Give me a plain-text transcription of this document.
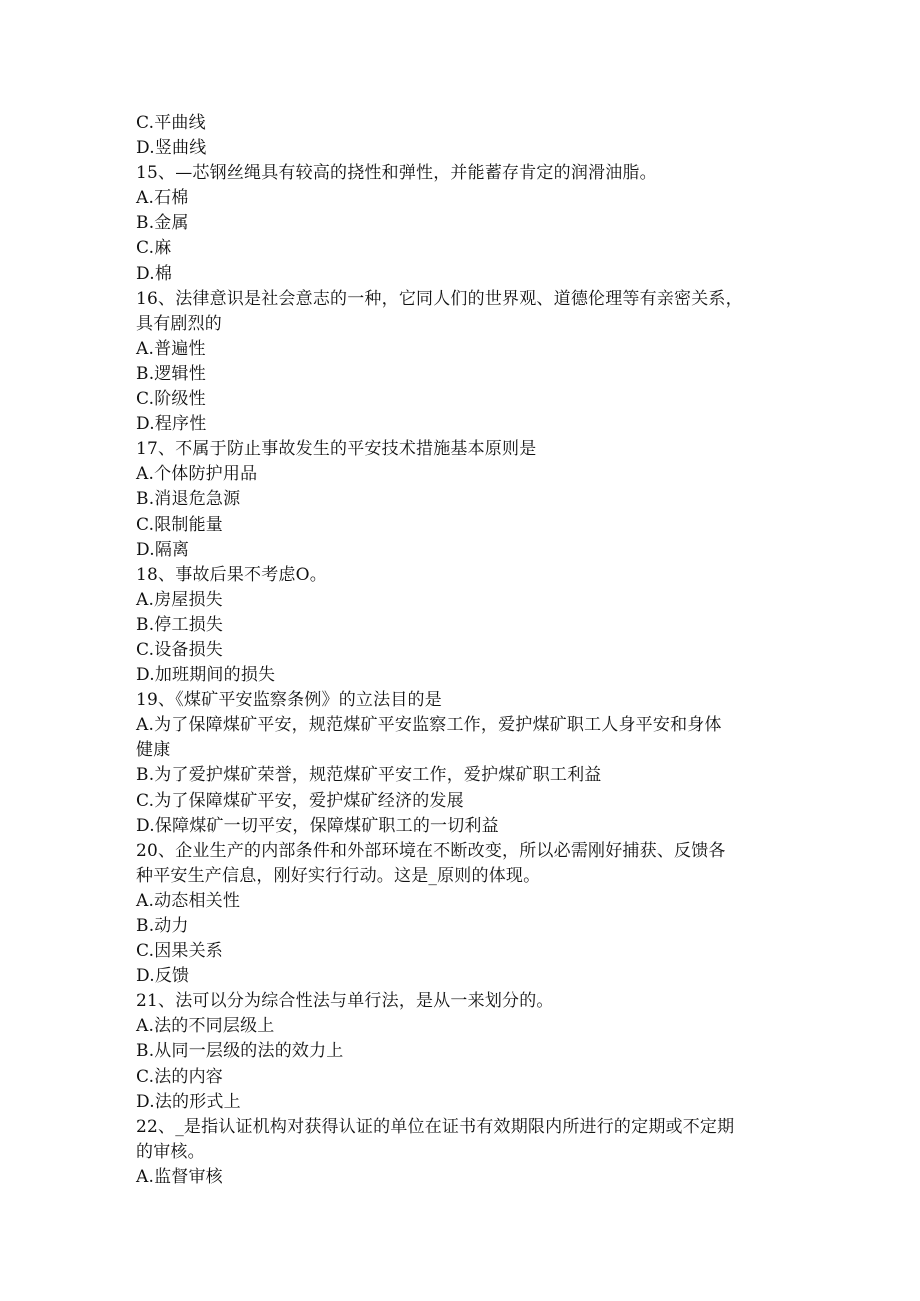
C.平曲线
D.竖曲线
15、—芯钢丝绳具有较高的挠性和弹性，并能蓄存肯定的润滑油脂。
A.石棉
B.金属
C.麻
D.棉
16、法律意识是社会意志的一种，它同人们的世界观、道德伦理等有亲密关系，
具有剧烈的
A.普遍性
B.逻辑性
C.阶级性
D.程序性
17、不属于防止事故发生的平安技术措施基本原则是
A.个体防护用品
B.消退危急源
C.限制能量
D.隔离
18、事故后果不考虑O。
A.房屋损失
B.停工损失
C.设备损失
D.加班期间的损失
19、《煤矿平安监察条例》的立法目的是
A.为了保障煤矿平安，规范煤矿平安监察工作，爱护煤矿职工人身平安和身体
健康
B.为了爱护煤矿荣誉，规范煤矿平安工作，爱护煤矿职工利益
C.为了保障煤矿平安，爱护煤矿经济的发展
D.保障煤矿一切平安，保障煤矿职工的一切利益
20、企业生产的内部条件和外部环境在不断改变，所以必需刚好捕获、反馈各
种平安生产信息，刚好实行行动。这是_原则的体现。
A.动态相关性
B.动力
C.因果关系
D.反馈
21、法可以分为综合性法与单行法，是从一来划分的。
A.法的不同层级上
B.从同一层级的法的效力上
C.法的内容
D.法的形式上
22、_是指认证机构对获得认证的单位在证书有效期限内所进行的定期或不定期
的审核。
A.监督审核
